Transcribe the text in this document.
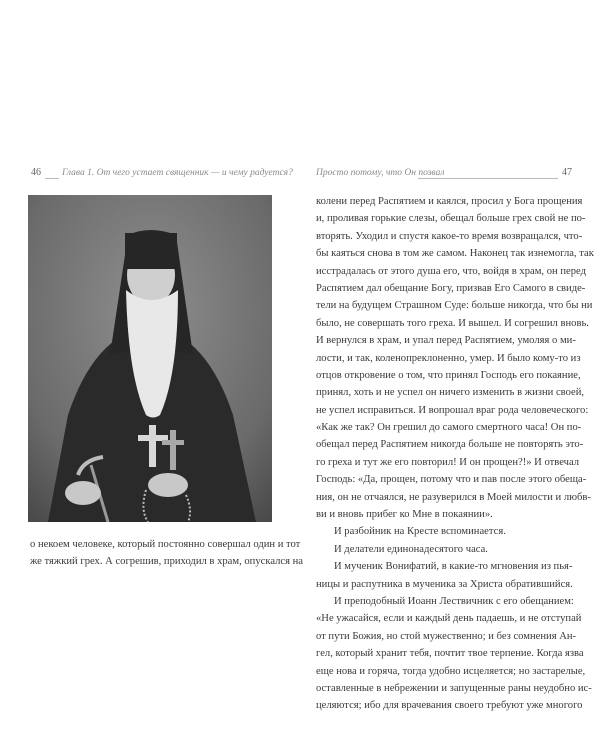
46 Глава 1. От чего устает священник — и чему радуется? Просто потому, что Он позвал	47
о некоем человеке, который постоянно совершал один и тот
же тяжкий грех. А согрешив, приходил в храм, опускался на
колени перед Распятием и каялся, просил у Бога прощения
и, проливая горькие слезы, обещал больше грех свой не по-
вторять. Уходил и спустя какое-то время возвращался, что-
бы каяться снова в том же самом. Наконец так изнемогла, так
исстрадалась от этого душа его, что, войдя в храм, он перед
Распятием дал обещание Богу, призвав Его Самого в свиде-
тели на будущем Страшном Суде: больше никогда, что бы ни
было, не совершать того греха. И вышел. И согрешил вновь.
И вернулся в храм, и упал перед Распятием, умоляя о ми-
лости, и так, коленопреклоненно, умер. И было кому-то из
отцов откровение о том, что принял Господь его покаяние,
принял, хоть и не успел он ничего изменить в жизни своей,
не успел исправиться. И вопрошал враг рода человеческого:
«Как же так? Он грешил до самого смертного часа! Он по-
обещал перед Распятием никогда больше не повторять это-
го греха и тут же его повторил! И он прощен?!» И отвечал
Господь: «Да, прощен, потому что и пав после этого обеща-
ния, он не отчаялся, не разуверился в Моей милости и любв-
ви и вновь прибег ко Мне в покаянии».
И разбойник на Кресте вспоминается.
И делатели единонадесятого часа.
И мученик Вонифатий, в какие-то мгновения из пья-
ницы и распутника в мученика за Христа обратившийся.
И преподобный Иоанн Лествичник с его обещанием:
«Не ужасайся, если и каждый день падаешь, и не отступай
от пути Божия, но стой мужественно; и без сомнения Ан-
гел, который хранит тебя, почтит твое терпение. Когда язва
еще нова и горяча, тогда удобно исцеляется; но застарелые,
оставленные в небрежении и запущенные раны неудобно ис-
целяются; ибо для врачевания своего требуют уже многого
